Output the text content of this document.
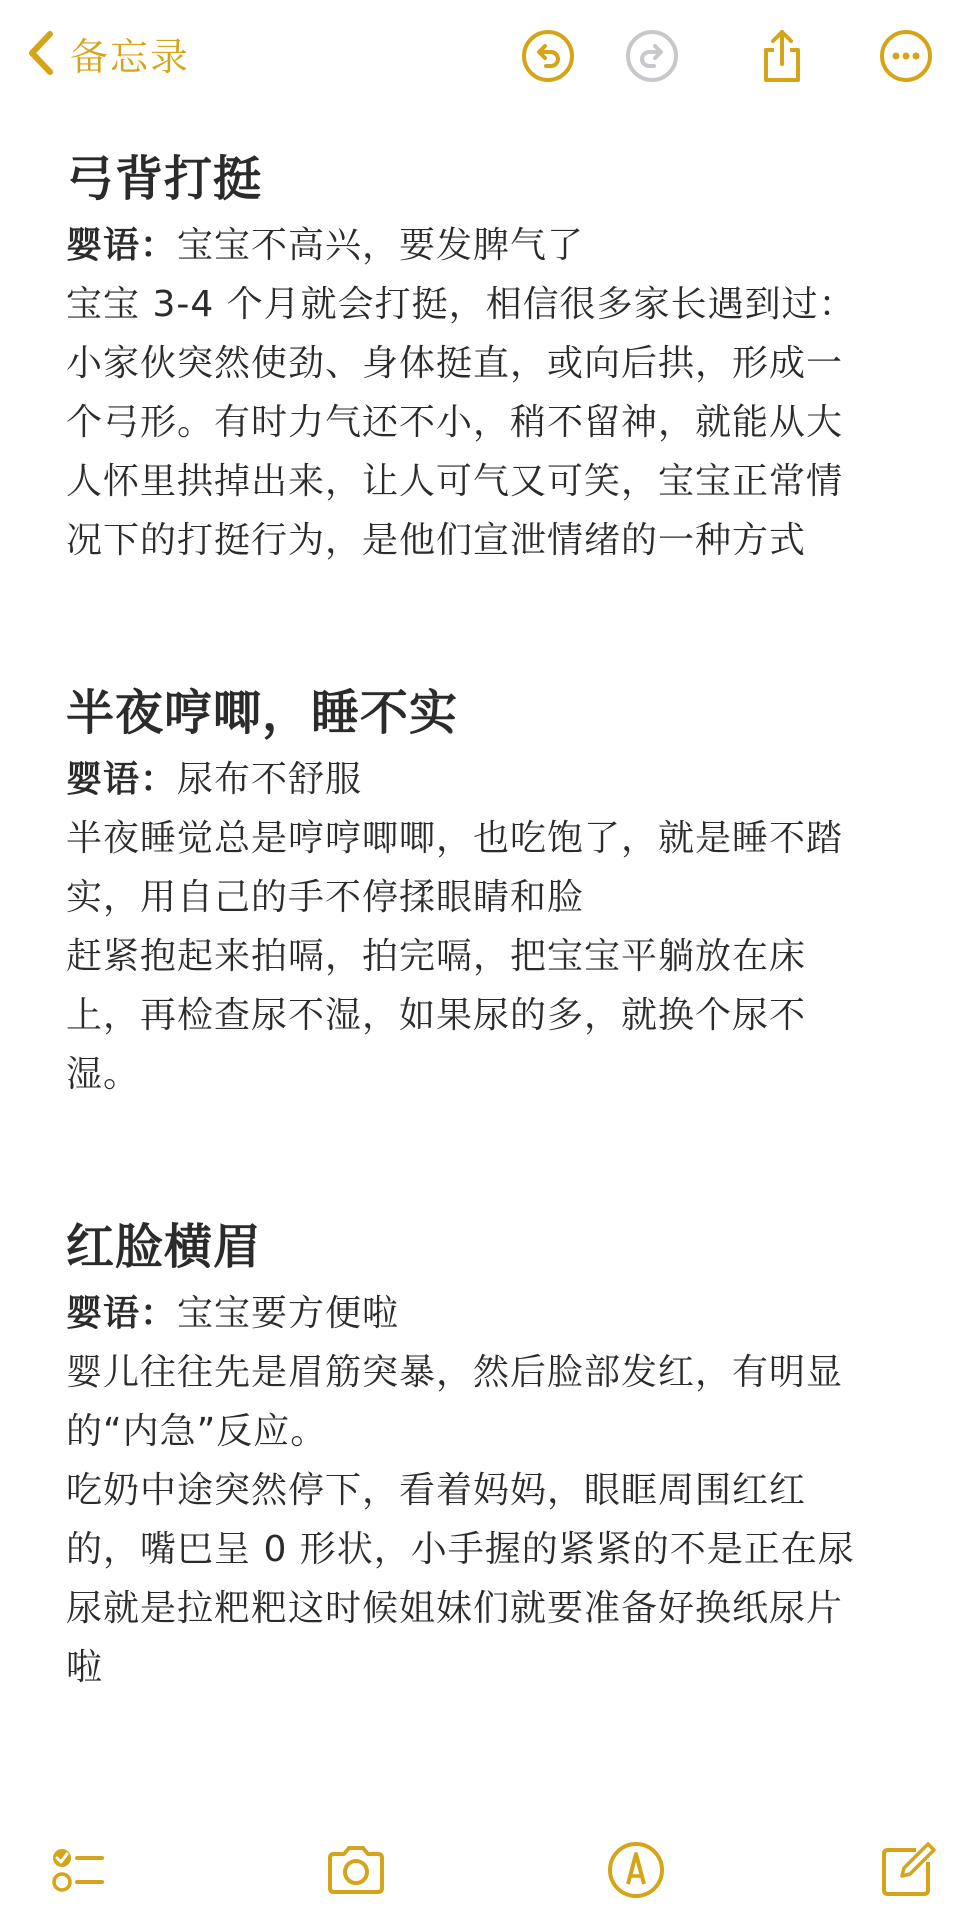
备忘录
弓背打挺
婴语：宝宝不高兴，要发脾气了
宝宝 3-4 个月就会打挺，相信很多家长遇到过：
小家伙突然使劲、身体挺直，或向后拱，形成一
个弓形。有时力气还不小，稍不留神，就能从大
人怀里拱掉出来，让人可气又可笑，宝宝正常情
况下的打挺行为，是他们宣泄情绪的一种方式
半夜哼唧，睡不实
婴语：尿布不舒服
半夜睡觉总是哼哼唧唧，也吃饱了，就是睡不踏
实，用自己的手不停揉眼睛和脸
赶紧抱起来拍嗝，拍完嗝，把宝宝平躺放在床
上，再检查尿不湿，如果尿的多，就换个尿不
湿。
红脸横眉
婴语：宝宝要方便啦
婴儿往往先是眉筋突暴，然后脸部发红，有明显
的“内急”反应。
吃奶中途突然停下，看着妈妈，眼眶周围红红
的，嘴巴呈 0 形状，小手握的紧紧的不是正在尿
尿就是拉粑粑这时候姐妹们就要准备好换纸尿片
啦
